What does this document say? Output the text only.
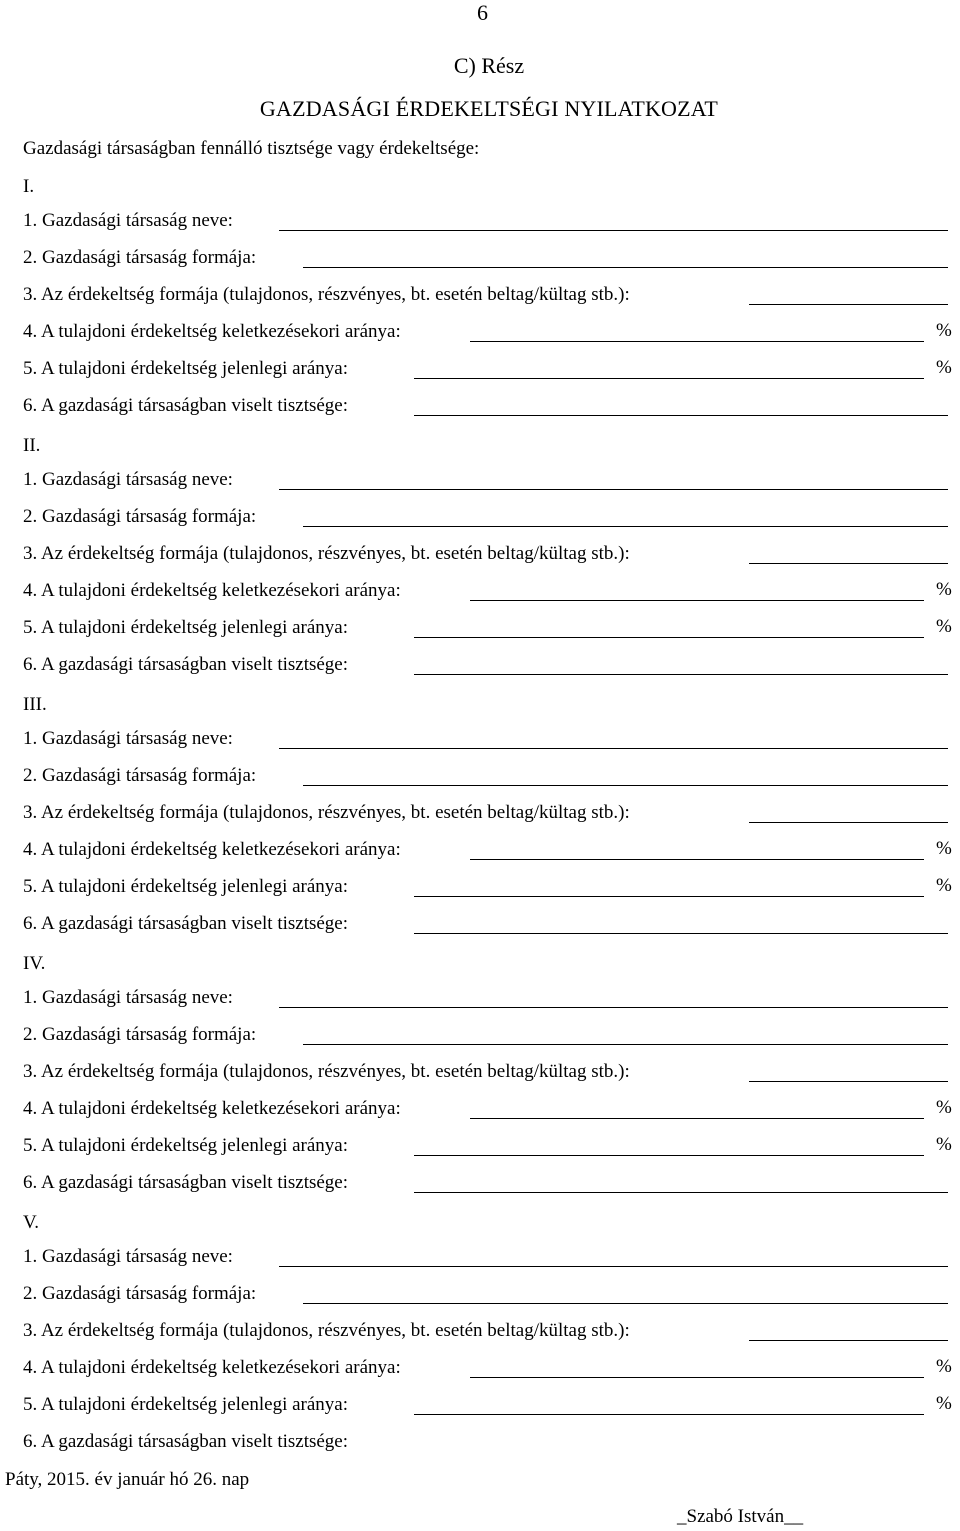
6
C) Rész
GAZDASÁGI ÉRDEKELTSÉGI NYILATKOZAT
Gazdasági társaságban fennálló tisztsége vagy érdekeltsége:
I.
1. Gazdasági társaság neve:
2. Gazdasági társaság formája:
3. Az érdekeltség formája (tulajdonos, részvényes, bt. esetén beltag/kültag stb.):
4. A tulajdoni érdekeltség keletkezésekori aránya:	%
5. A tulajdoni érdekeltség jelenlegi aránya:	%
6. A gazdasági társaságban viselt tisztsége:
II.
1. Gazdasági társaság neve:
2. Gazdasági társaság formája:
3. Az érdekeltség formája (tulajdonos, részvényes, bt. esetén beltag/kültag stb.):
4. A tulajdoni érdekeltség keletkezésekori aránya:	%
5. A tulajdoni érdekeltség jelenlegi aránya:	%
6. A gazdasági társaságban viselt tisztsége:
III.
1. Gazdasági társaság neve:
2. Gazdasági társaság formája:
3. Az érdekeltség formája (tulajdonos, részvényes, bt. esetén beltag/kültag stb.):
4. A tulajdoni érdekeltség keletkezésekori aránya:	%
5. A tulajdoni érdekeltség jelenlegi aránya:	%
6. A gazdasági társaságban viselt tisztsége:
IV.
1. Gazdasági társaság neve:
2. Gazdasági társaság formája:
3. Az érdekeltség formája (tulajdonos, részvényes, bt. esetén beltag/kültag stb.):
4. A tulajdoni érdekeltség keletkezésekori aránya:	%
5. A tulajdoni érdekeltség jelenlegi aránya:	%
6. A gazdasági társaságban viselt tisztsége:
V.
1. Gazdasági társaság neve:
2. Gazdasági társaság formája:
3. Az érdekeltség formája (tulajdonos, részvényes, bt. esetén beltag/kültag stb.):
4. A tulajdoni érdekeltség keletkezésekori aránya:	%
5. A tulajdoni érdekeltség jelenlegi aránya:	%
6. A gazdasági társaságban viselt tisztsége:
Páty, 2015. év január hó 26. nap
_Szabó István__
